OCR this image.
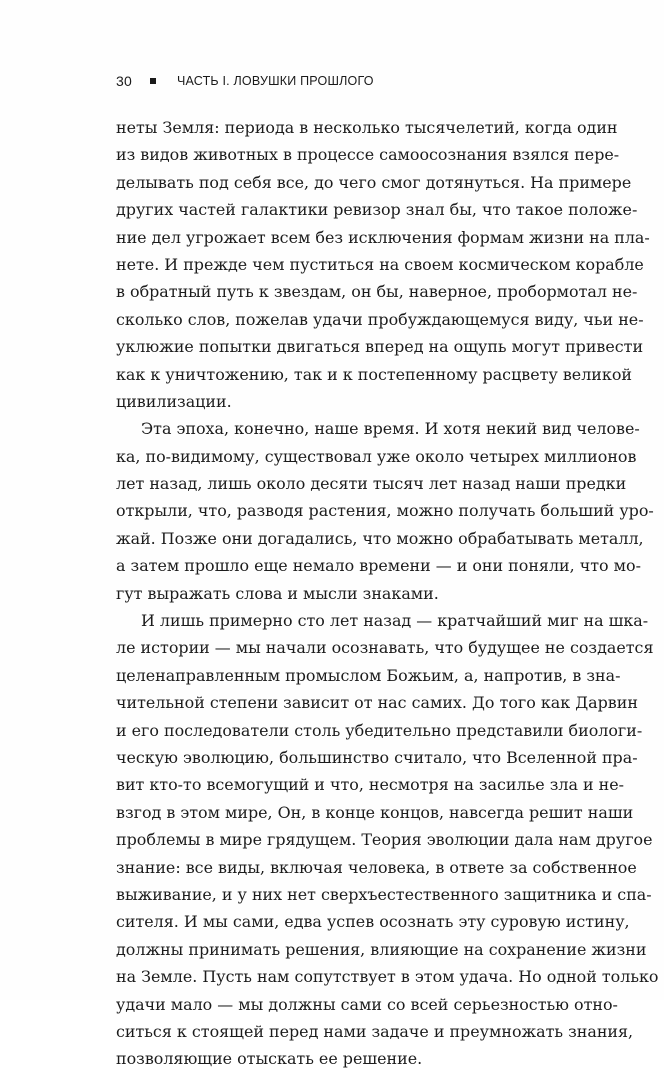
30	ЧАСТЬ I. ЛОВУШКИ ПРОШЛОГО
неты Земля: периода в несколько тысячелетий, когда один
из видов животных в процессе самоосознания взялся пере-
делывать под себя все, до чего смог дотянуться. На примере
других частей галактики ревизор знал бы, что такое положе-
ние дел угрожает всем без исключения формам жизни на пла-
нете. И прежде чем пуститься на своем космическом корабле
в обратный путь к звездам, он бы, наверное, пробормотал не-
сколько слов, пожелав удачи пробуждающемуся виду, чьи не-
уклюжие попытки двигаться вперед на ощупь могут привести
как к уничтожению, так и к постепенному расцвету великой
цивилизации.
Эта эпоха, конечно, наше время. И хотя некий вид челове-
ка, по-видимому, существовал уже около четырех миллионов
лет назад, лишь около десяти тысяч лет назад наши предки
открыли, что, разводя растения, можно получать больший уро-
жай. Позже они догадались, что можно обрабатывать металл,
а затем прошло еще немало времени — и они поняли, что мо-
гут выражать слова и мысли знаками.
И лишь примерно сто лет назад — кратчайший миг на шка-
ле истории — мы начали осознавать, что будущее не создается
целенаправленным промыслом Божьим, а, напротив, в зна-
чительной степени зависит от нас самих. До того как Дарвин
и его последователи столь убедительно представили биологи-
ческую эволюцию, большинство считало, что Вселенной пра-
вит кто-то всемогущий и что, несмотря на засилье зла и не-
взгод в этом мире, Он, в конце концов, навсегда решит наши
проблемы в мире грядущем. Теория эволюции дала нам другое
знание: все виды, включая человека, в ответе за собственное
выживание, и у них нет сверхъестественного защитника и спа-
сителя. И мы сами, едва успев осознать эту суровую истину,
должны принимать решения, влияющие на сохранение жизни
на Земле. Пусть нам сопутствует в этом удача. Но одной только
удачи мало — мы должны сами со всей серьезностью отно-
ситься к стоящей перед нами задаче и преумножать знания,
позволяющие отыскать ее решение.
